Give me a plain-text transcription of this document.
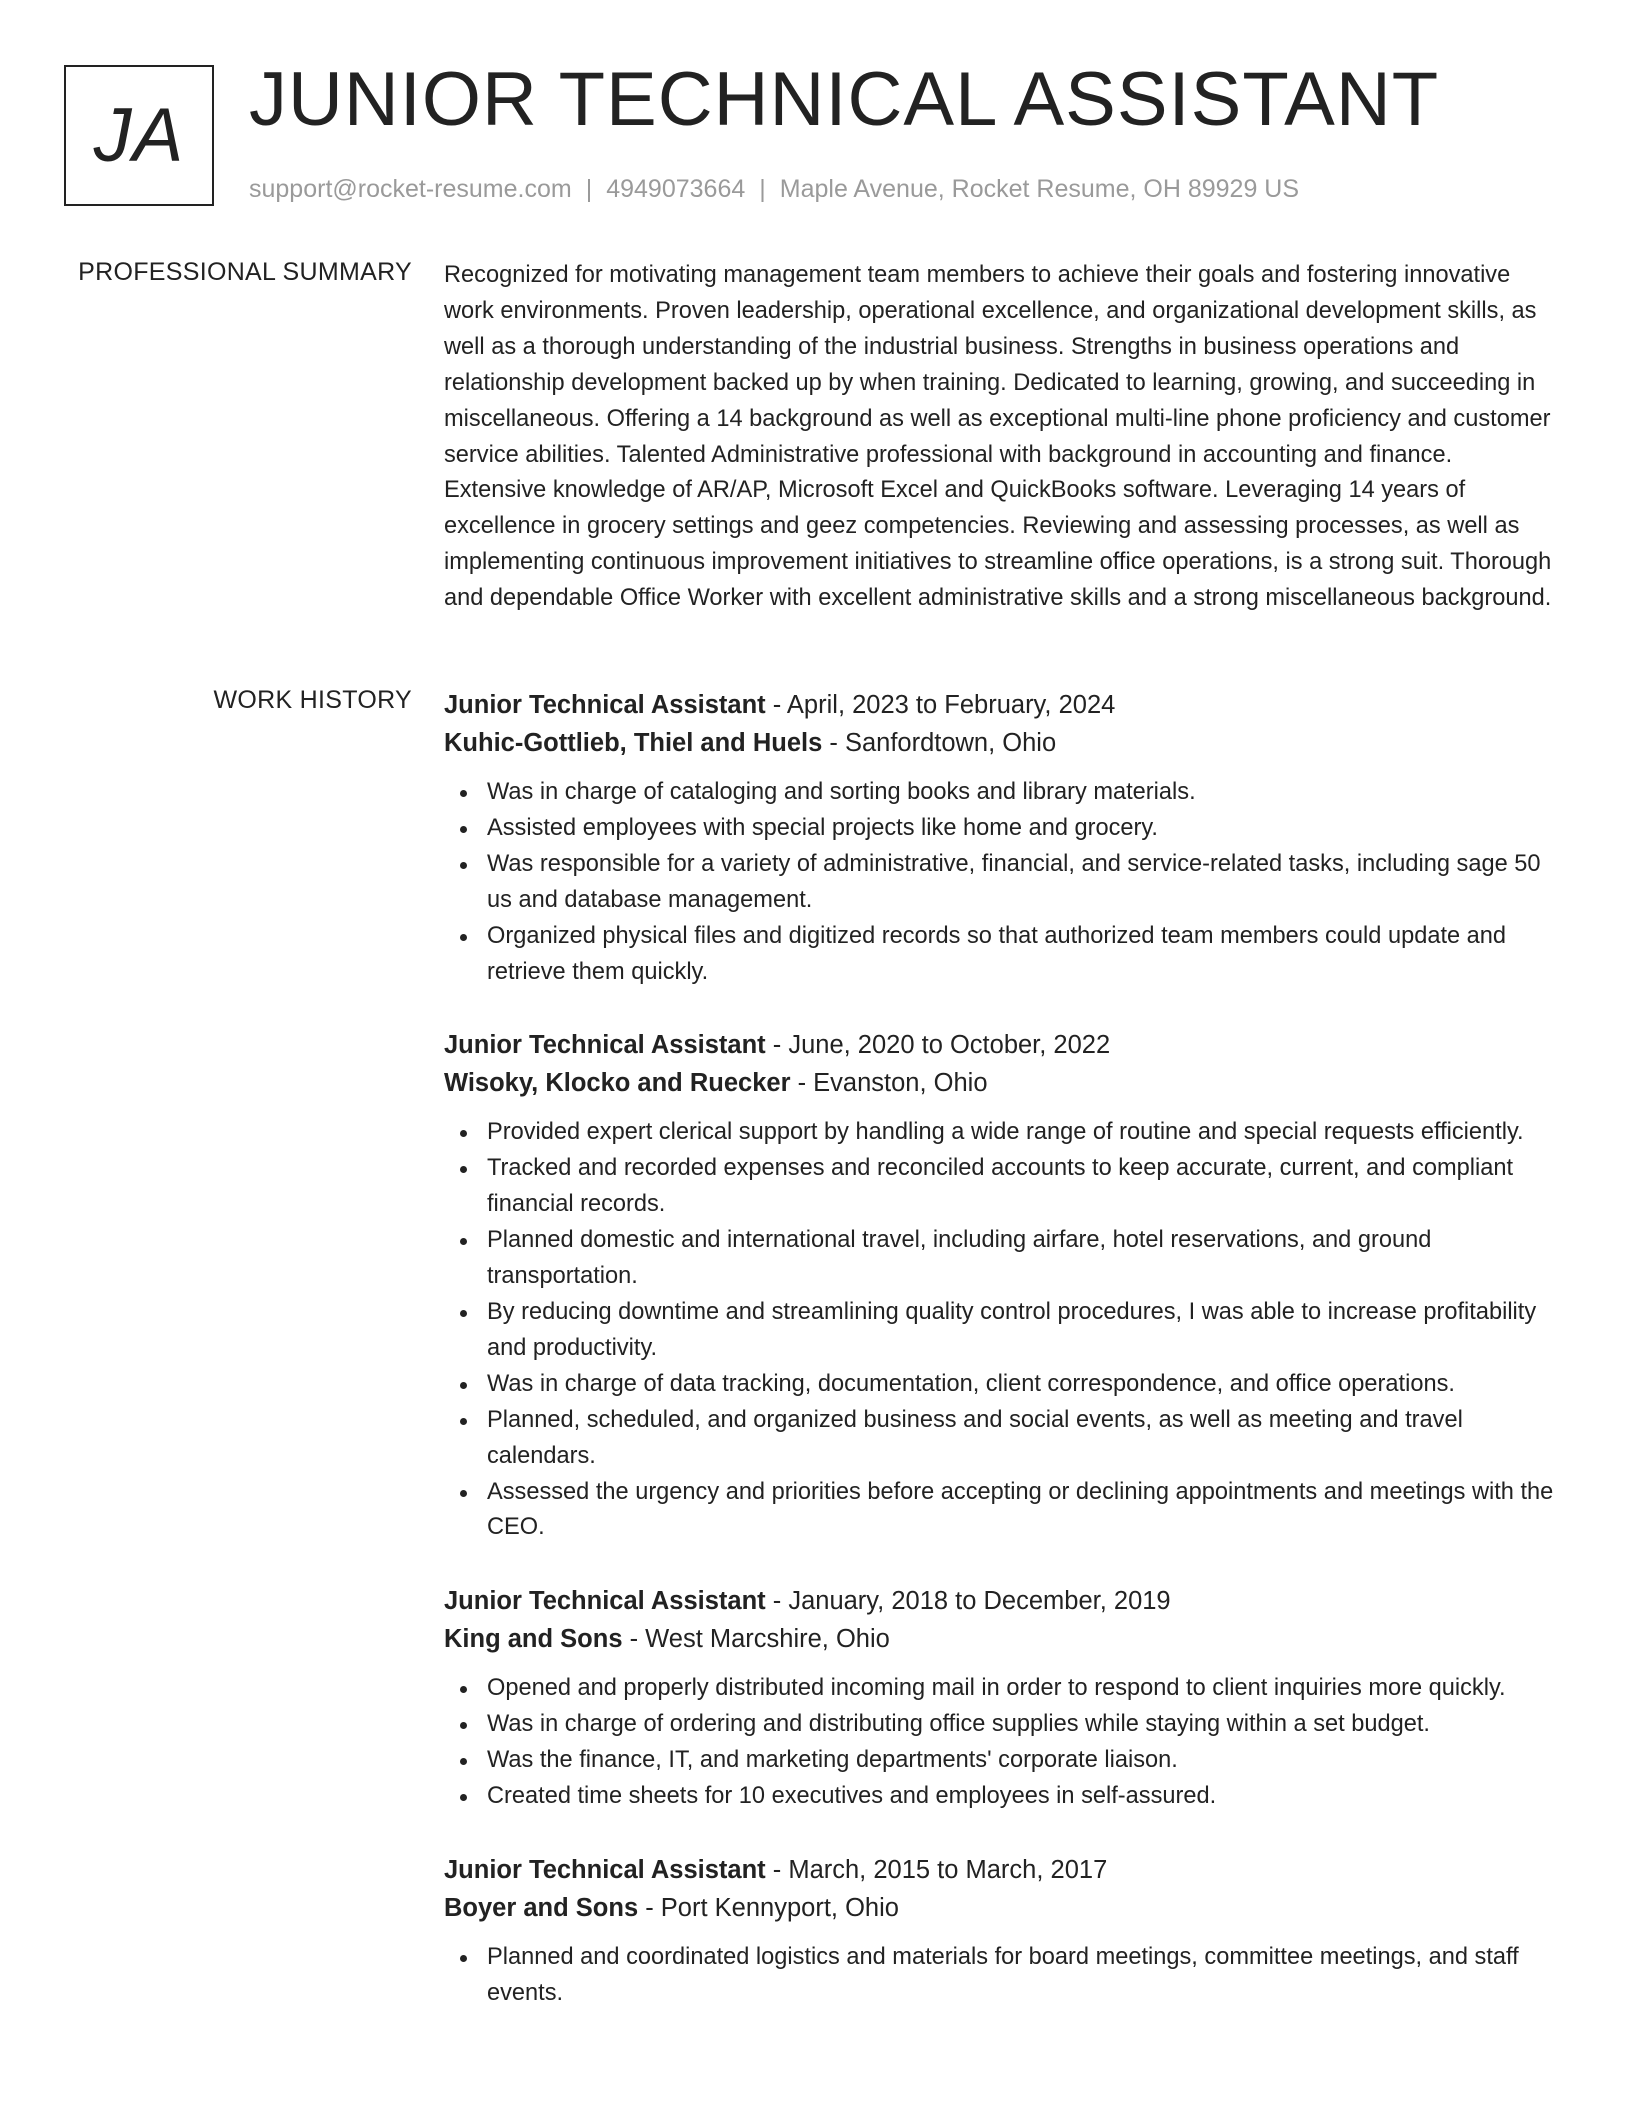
JA JUNIOR TECHNICAL ASSISTANT
support@rocket-resume.com | 4949073664 | Maple Avenue, Rocket Resume, OH 89929 US
PROFESSIONAL SUMMARY Recognized for motivating management team members to achieve their goals and fostering innovative work environments. Proven leadership, operational excellence, and organizational development skills, as well as a thorough understanding of the industrial business. Strengths in business operations and relationship development backed up by when training. Dedicated to learning, growing, and succeeding in miscellaneous. Offering a 14 background as well as exceptional multi-line phone proficiency and customer service abilities. Talented Administrative professional with background in accounting and finance. Extensive knowledge of AR/AP, Microsoft Excel and QuickBooks software. Leveraging 14 years of excellence in grocery settings and geez competencies. Reviewing and assessing processes, as well as implementing continuous improvement initiatives to streamline office operations, is a strong suit. Thorough and dependable Office Worker with excellent administrative skills and a strong miscellaneous background.

WORK HISTORY Junior Technical Assistant - April, 2023 to February, 2024
Kuhic-Gottlieb, Thiel and Huels - Sanfordtown, Ohio
Was in charge of cataloging and sorting books and library materials.
Assisted employees with special projects like home and grocery.
Was responsible for a variety of administrative, financial, and service-related tasks, including sage 50 us and database management.
Organized physical files and digitized records so that authorized team members could update and retrieve them quickly.
Junior Technical Assistant - June, 2020 to October, 2022
Wisoky, Klocko and Ruecker - Evanston, Ohio
Provided expert clerical support by handling a wide range of routine and special requests efficiently.
Tracked and recorded expenses and reconciled accounts to keep accurate, current, and compliant financial records.
Planned domestic and international travel, including airfare, hotel reservations, and ground transportation.
By reducing downtime and streamlining quality control procedures, I was able to increase profitability and productivity.
Was in charge of data tracking, documentation, client correspondence, and office operations.
Planned, scheduled, and organized business and social events, as well as meeting and travel calendars.
Assessed the urgency and priorities before accepting or declining appointments and meetings with the CEO.
Junior Technical Assistant - January, 2018 to December, 2019
King and Sons - West Marcshire, Ohio
Opened and properly distributed incoming mail in order to respond to client inquiries more quickly.
Was in charge of ordering and distributing office supplies while staying within a set budget.
Was the finance, IT, and marketing departments' corporate liaison.
Created time sheets for 10 executives and employees in self-assured.
Junior Technical Assistant - March, 2015 to March, 2017
Boyer and Sons - Port Kennyport, Ohio
Planned and coordinated logistics and materials for board meetings, committee meetings, and staff events.
